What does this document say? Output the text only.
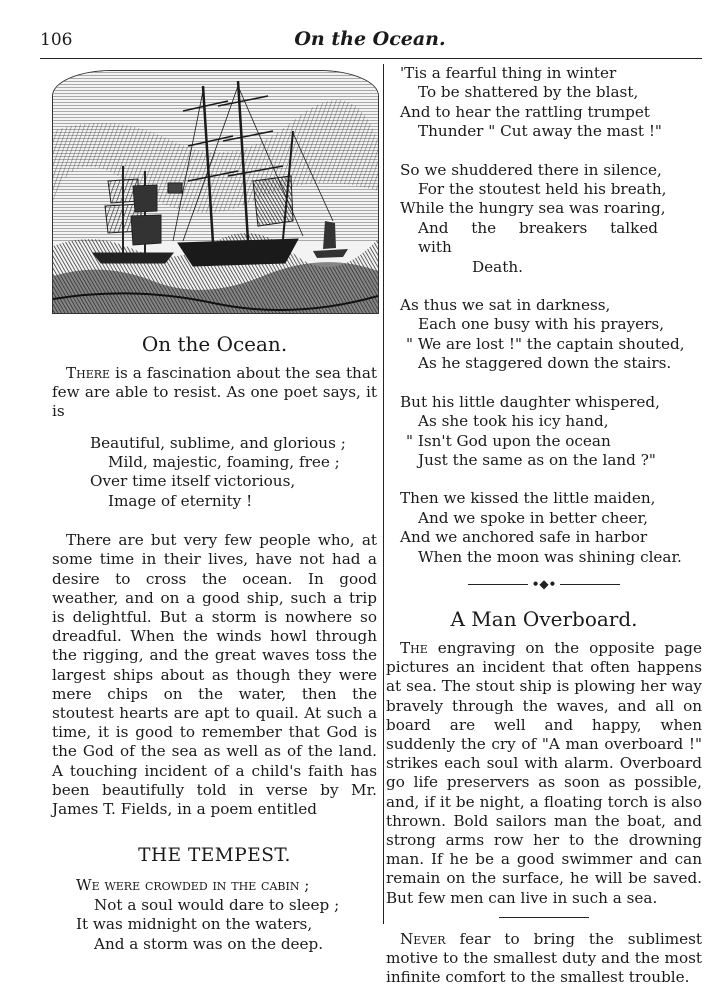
106	On the Ocean.
On the Ocean.

There is a fascination about the sea that few are able to resist. As one poet says, it is

Beautiful, sublime, and glorious ;
Mild, majestic, foaming, free ;
Over time itself victorious,
Image of eternity !

There are but very few people who, at some time in their lives, have not had a desire to cross the ocean. In good weather, and on a good ship, such a trip is delightful. But a storm is nowhere so dreadful. When the winds howl through the rigging, and the great waves toss the largest ships about as though they were mere chips on the water, then the stoutest hearts are apt to quail. At such a time, it is good to remember that God is the God of the sea as well as of the land. A touching incident of a child's faith has been beautifully told in verse by Mr. James T. Fields, in a poem entitled

THE TEMPEST.
We were crowded in the cabin ;
Not a soul would dare to sleep ;
It was midnight on the waters,
And a storm was on the deep.
'Tis a fearful thing in winter
To be shattered by the blast,
And to hear the rattling trumpet
Thunder " Cut away the mast !"
So we shuddered there in silence,
For the stoutest held his breath,
While the hungry sea was roaring,
And the breakers talked with
Death.
As thus we sat in darkness,
Each one busy with his prayers,
" We are lost !" the captain shouted,
As he staggered down the stairs.
But his little daughter whispered,
As she took his icy hand,
" Isn't God upon the ocean
Just the same as on the land ?"
Then we kissed the little maiden,
And we spoke in better cheer,
And we anchored safe in harbor
When the moon was shining clear.
•◆•
A Man Overboard.

The engraving on the opposite page pictures an incident that often happens at sea. The stout ship is plowing her way bravely through the waves, and all on board are well and happy, when suddenly the cry of "A man overboard !" strikes each soul with alarm. Overboard go life preservers as soon as possible, and, if it be night, a floating torch is also thrown. Bold sailors man the boat, and strong arms row her to the drowning man. If he be a good swimmer and can remain on the surface, he will be saved. But few men can live in such a sea.

Never fear to bring the sublimest motive to the smallest duty and the most infinite comfort to the smallest trouble.
